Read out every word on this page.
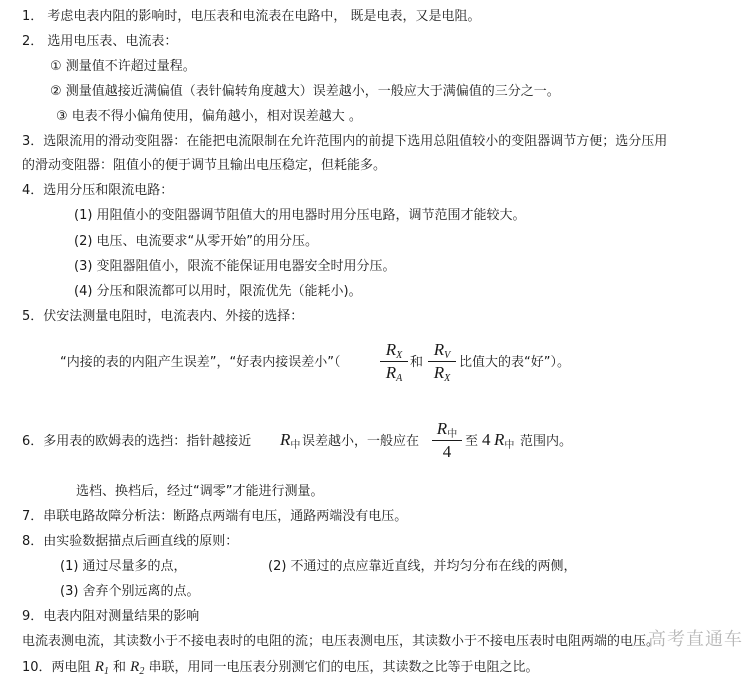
1． 考虑电表内阻的影响时，电压表和电流表在电路中， 既是电表，又是电阻。
2． 选用电压表、电流表：
① 测量值不许超过量程。
② 测量值越接近满偏值（表针偏转角度越大）误差越小，一般应大于满偏值的三分之一。
③ 电表不得小偏角使用，偏角越小，相对误差越大 。
3．选限流用的滑动变阻器：在能把电流限制在允许范围内的前提下选用总阻值较小的变阻器调节方便；选分压用
的滑动变阻器：阻值小的便于调节且输出电压稳定，但耗能多。
4．选用分压和限流电路：
(1) 用阻值小的变阻器调节阻值大的用电器时用分压电路，调节范围才能较大。
(2) 电压、电流要求“从零开始”的用分压。
(3) 变阻器阻值小，限流不能保证用电器安全时用分压。
(4) 分压和限流都可以用时，限流优先（能耗小)。
5．伏安法测量电阻时，电流表内、外接的选择：
“内接的表的内阻产生误差”，“好表内接误差小”（
$R_X$
$R_A$
和
$R_V$
$R_X$
比值大的表“好”）。
6．多用表的欧姆表的选挡：指针越接近 $R_中$ 误差越小，一般应在
$R_中$
4
至 4 $R_中$ 范围内。
选档、换档后，经过“调零”才能进行测量。
7．串联电路故障分析法：断路点两端有电压，通路两端没有电压。
8．由实验数据描点后画直线的原则：
(1) 通过尽量多的点，	(2) 不通过的点应靠近直线，并均匀分布在线的两侧，
(3) 舍弃个别远离的点。
9．电表内阻对测量结果的影响
电流表测电流，其读数小于不接电表时的电阻的流；电压表测电压，其读数小于不接电压表时电阻两端的电压。
10．两电阻 $R_1$ 和 $R_2$ 串联，用同一电压表分别测它们的电压，其读数之比等于电阻之比。
高考直通车
